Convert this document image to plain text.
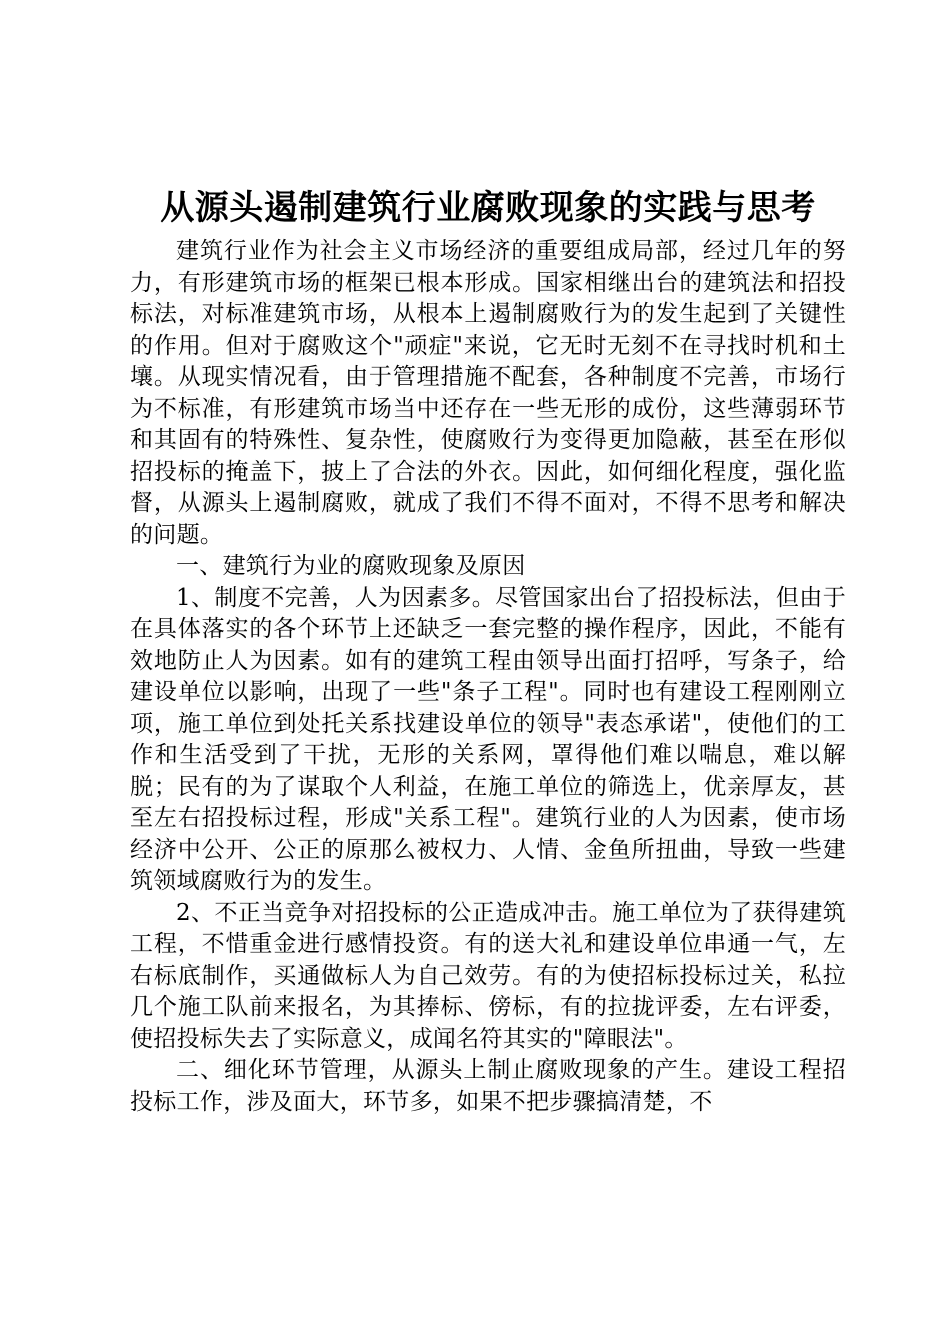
从源头遏制建筑行业腐败现象的实践与思考

建筑行业作为社会主义市场经济的重要组成局部，经过几年的努力，有形建筑市场的框架已根本形成。国家相继出台的建筑法和招投标法，对标准建筑市场，从根本上遏制腐败行为的发生起到了关键性的作用。但对于腐败这个"顽症"来说，它无时无刻不在寻找时机和土壤。从现实情况看，由于管理措施不配套，各种制度不完善，市场行为不标准，有形建筑市场当中还存在一些无形的成份，这些薄弱环节和其固有的特殊性、复杂性，使腐败行为变得更加隐蔽，甚至在形似招投标的掩盖下，披上了合法的外衣。因此，如何细化程度，强化监督，从源头上遏制腐败，就成了我们不得不面对，不得不思考和解决的问题。

一、建筑行为业的腐败现象及原因

1、制度不完善，人为因素多。尽管国家出台了招投标法，但由于在具体落实的各个环节上还缺乏一套完整的操作程序，因此，不能有效地防止人为因素。如有的建筑工程由领导出面打招呼，写条子，给建设单位以影响，出现了一些"条子工程"。同时也有建设工程刚刚立项，施工单位到处托关系找建设单位的领导"表态承诺"，使他们的工作和生活受到了干扰，无形的关系网，罩得他们难以喘息，难以解脱；民有的为了谋取个人利益，在施工单位的筛选上，优亲厚友，甚至左右招投标过程，形成"关系工程"。建筑行业的人为因素，使市场经济中公开、公正的原那么被权力、人情、金鱼所扭曲，导致一些建筑领域腐败行为的发生。

2、不正当竞争对招投标的公正造成冲击。施工单位为了获得建筑工程，不惜重金进行感情投资。有的送大礼和建设单位串通一气，左右标底制作，买通做标人为自己效劳。有的为使招标投标过关，私拉几个施工队前来报名，为其捧标、傍标，有的拉拢评委，左右评委，使招投标失去了实际意义，成闻名符其实的"障眼法"。

二、细化环节管理，从源头上制止腐败现象的产生。建设工程招投标工作，涉及面大，环节多，如果不把步骤搞清楚，不
